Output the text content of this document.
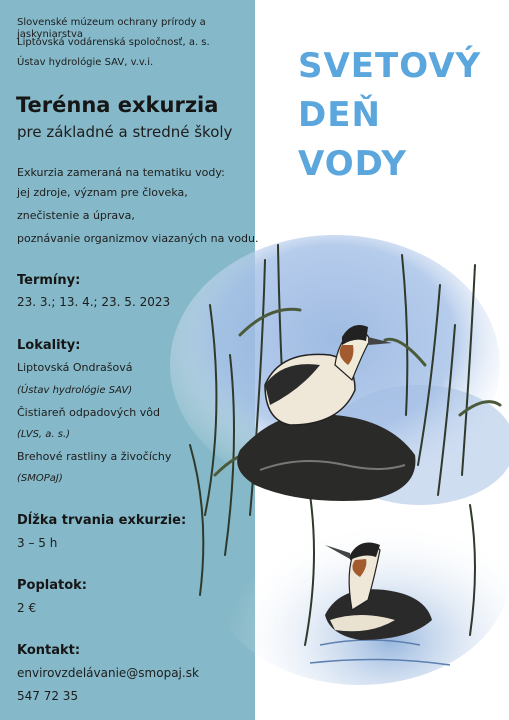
Slovenské múzeum ochrany prírody a jaskyniarstva
Liptovská vodárenská spoločnosť, a. s.
Ústav hydrológie SAV, v.v.i.
Terénna exkurzia
pre základné a stredné školy
Exkurzia zameraná na tematiku vody:
jej zdroje, význam pre človeka,
znečistenie a úprava,
poznávanie organizmov viazaných na vodu.
Termíny:
23. 3.; 13. 4.; 23. 5. 2023
Lokality:
Liptovská Ondrašová
(Ústav hydrológie SAV)
Čistiareň odpadových vôd
(LVS, a. s.)
Brehové rastliny a živočíchy
(SMOPaJ)
Dĺžka trvania exkurzie:
3 – 5 h
Poplatok:
2 €
Kontakt:
envirovzdelávanie@smopaj.sk
547 72 35
SVETOVÝ
DEŇ
VODY
